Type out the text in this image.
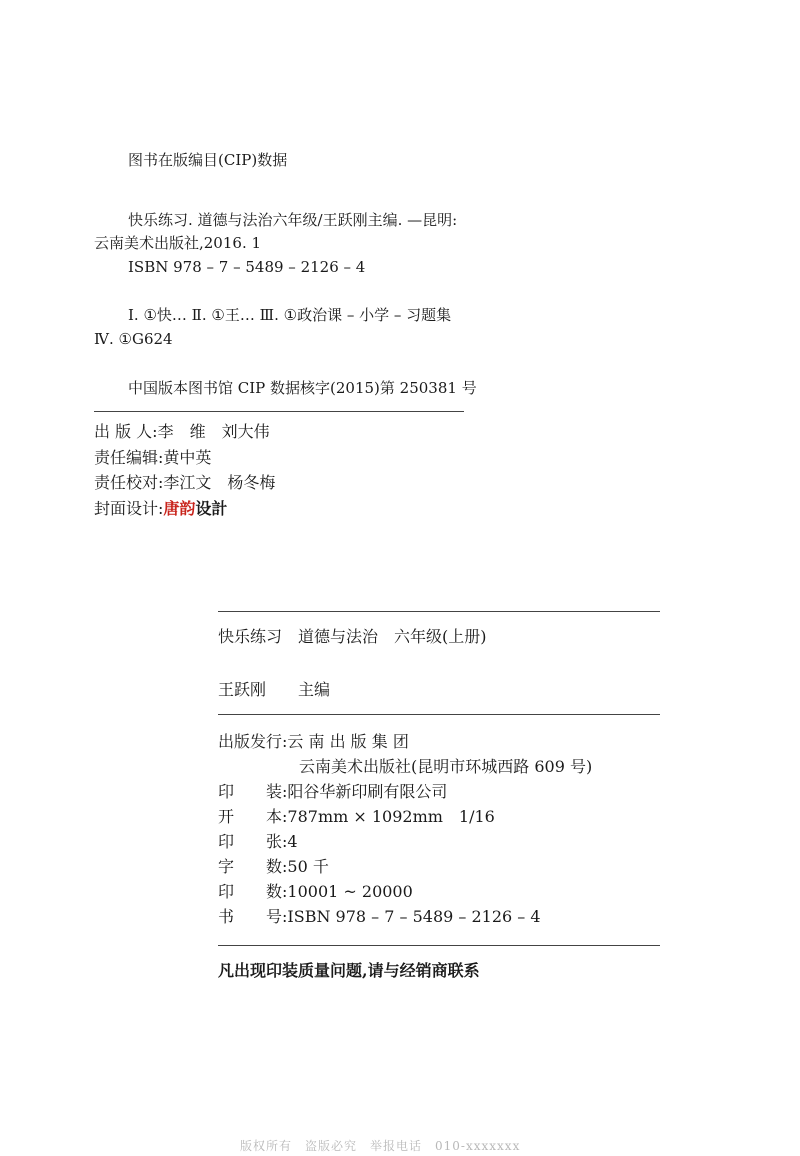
图书在版编目(CIP)数据
快乐练习. 道德与法治六年级/王跃刚主编. —昆明:
云南美术出版社,2016. 1
ISBN 978 – 7 – 5489 – 2126 – 4
Ⅰ. ①快… Ⅱ. ①王… Ⅲ. ①政治课 – 小学 – 习题集
Ⅳ. ①G624
中国版本图书馆 CIP 数据核字(2015)第 250381 号
出 版 人:李　维　刘大伟
责任编辑:黄中英
责任校对:李江文　杨冬梅
封面设计:唐韵设計
快乐练习　道德与法治　六年级(上册)
王跃刚　　主编
出版发行:云 南 出 版 集 团
云南美术出版社(昆明市环城西路 609 号)
印　　装:阳谷华新印刷有限公司
开　　本:787mm × 1092mm　1/16
印　　张:4
字　　数:50 千
印　　数:10001 ~ 20000
书　　号:ISBN 978 – 7 – 5489 – 2126 – 4
凡出现印装质量问题,请与经销商联系
版权所有　盗版必究　举报电话　010-xxxxxxx
